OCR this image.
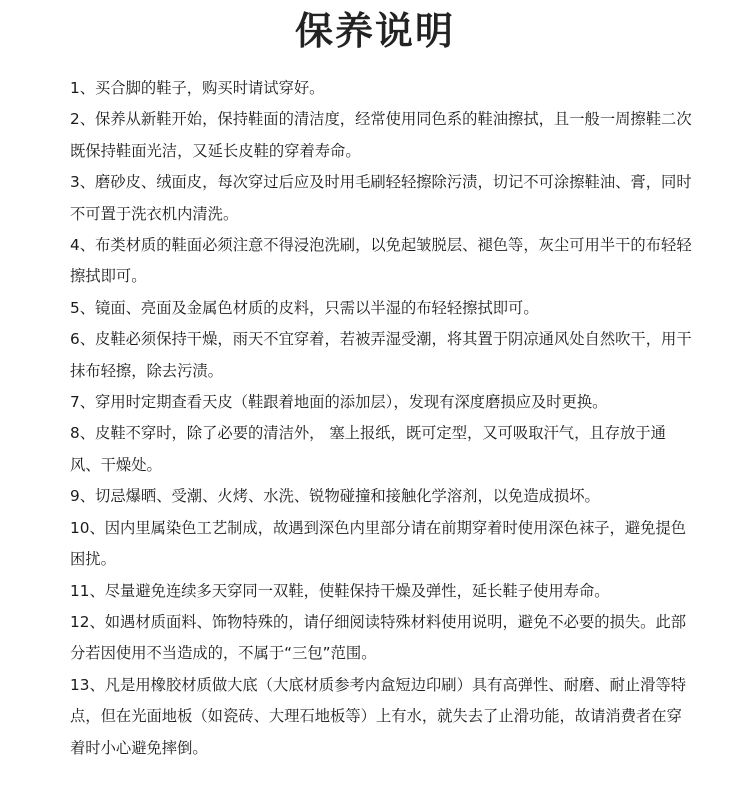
保养说明

1、买合脚的鞋子，购买时请试穿好。

2、保养从新鞋开始，保持鞋面的清洁度，经常使用同色系的鞋油擦拭，且一般一周擦鞋二次既保持鞋面光洁，又延长皮鞋的穿着寿命。

3、磨砂皮、绒面皮，每次穿过后应及时用毛刷轻轻擦除污渍，切记不可涂擦鞋油、膏，同时不可置于洗衣机内清洗。

4、布类材质的鞋面必须注意不得浸泡洗刷，以免起皱脱层、褪色等，灰尘可用半干的布轻轻擦拭即可。

5、镜面、亮面及金属色材质的皮料，只需以半湿的布轻轻擦拭即可。

6、皮鞋必须保持干燥，雨天不宜穿着，若被弄湿受潮，将其置于阴凉通风处自然吹干，用干抹布轻擦，除去污渍。

7、穿用时定期查看天皮（鞋跟着地面的添加层），发现有深度磨损应及时更换。

8、皮鞋不穿时，除了必要的清洁外， 塞上报纸，既可定型，又可吸取汗气，且存放于通风、干燥处。

9、切忌爆晒、受潮、火烤、水洗、锐物碰撞和接触化学溶剂，以免造成损坏。

10、因内里属染色工艺制成，故遇到深色内里部分请在前期穿着时使用深色袜子，避免提色困扰。

11、尽量避免连续多天穿同一双鞋，使鞋保持干燥及弹性，延长鞋子使用寿命。

12、如遇材质面料、饰物特殊的，请仔细阅读特殊材料使用说明，避免不必要的损失。此部分若因使用不当造成的，不属于“三包”范围。

13、凡是用橡胶材质做大底（大底材质参考内盒短边印刷）具有高弹性、耐磨、耐止滑等特点，但在光面地板（如瓷砖、大理石地板等）上有水，就失去了止滑功能，故请消费者在穿着时小心避免摔倒。
